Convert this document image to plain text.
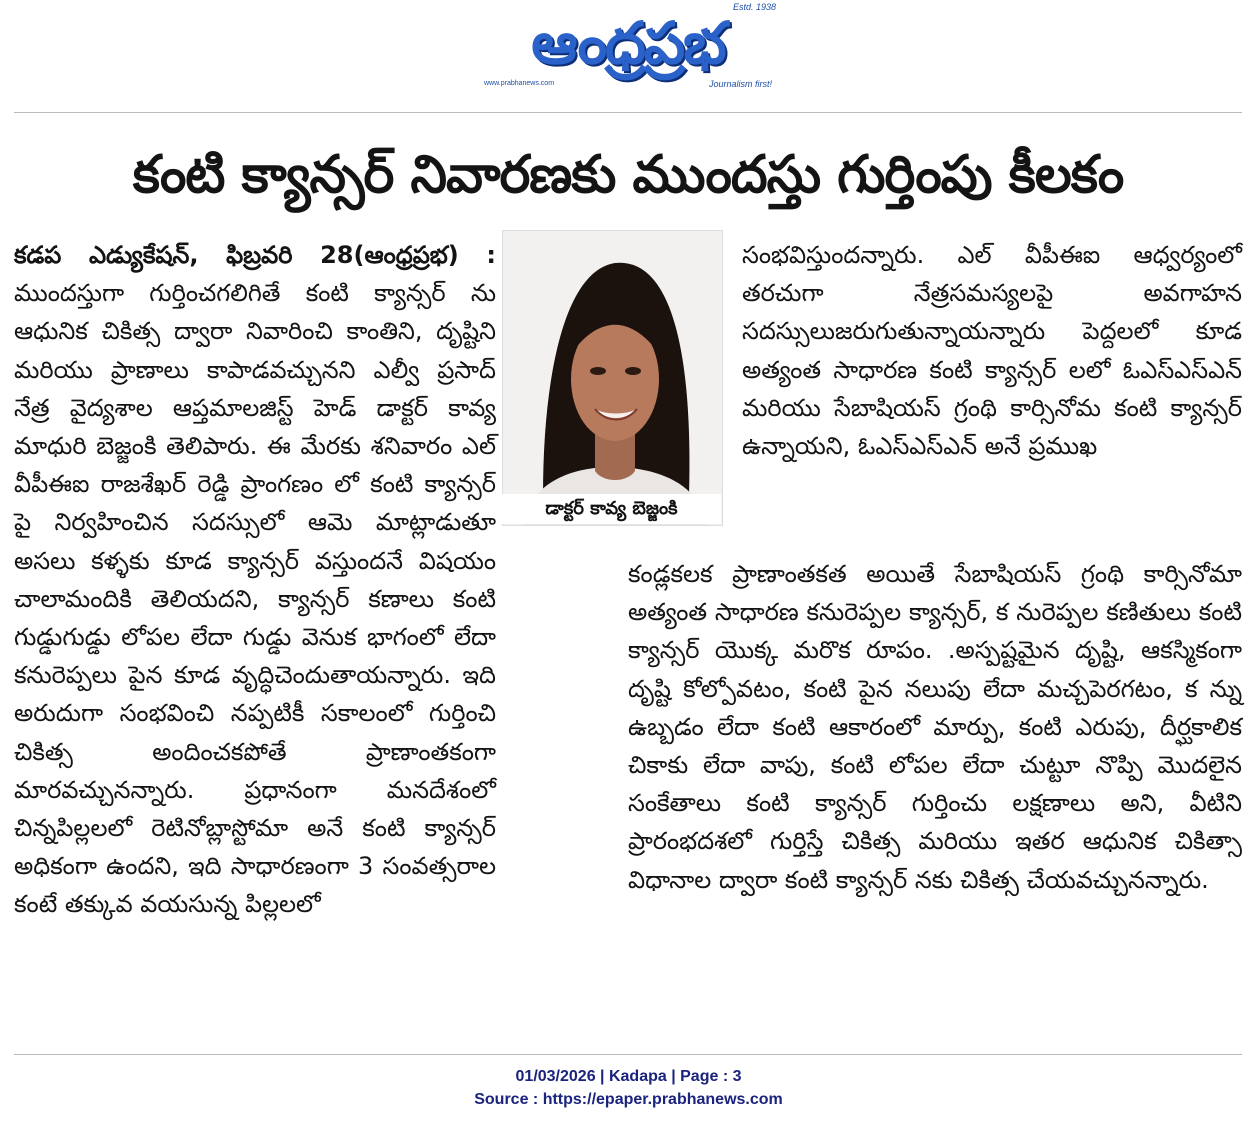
Estd. 1938
ఆంధ్రప్రభ
www.prabhanews.com	Journalism first!
కంటి క్యాన్సర్ నివారణకు ముందస్తు గుర్తింపు కీలకం
కడప ఎడ్యుకేషన్, ఫిబ్రవరి 28(ఆంధ్రప్రభ) : ముందస్తుగా గుర్తించగలిగితే కంటి క్యాన్సర్ ను ఆధునిక చికిత్స ద్వారా నివారించి కాంతిని, దృష్టిని మరియు ప్రాణాలు కాపాడవచ్చునని ఎల్వీ ప్రసాద్ నేత్ర వైద్యశాల ఆప్తమాలజిస్ట్ హెడ్ డాక్టర్ కావ్య మాధురి బెజ్జంకి తెలిపారు. ఈ మేరకు శనివారం ఎల్ వీపీఈఐ రాజశేఖర్ రెడ్డి ప్రాంగణం లో కంటి క్యాన్సర్ పై నిర్వహించిన సదస్సులో ఆమె మాట్లాడుతూ అసలు కళ్ళకు కూడ క్యాన్సర్ వస్తుందనే విషయం చాలామందికి తెలియదని, క్యాన్సర్ కణాలు కంటి గుడ్డుగుడ్డు లోపల లేదా గుడ్డు వెనుక భాగంలో లేదా కనురెప్పలు పైన కూడ వృద్ధిచెందుతాయన్నారు. ఇది అరుదుగా సంభవించి నప్పటికీ సకాలంలో గుర్తించి చికిత్స అందించకపోతే ప్రాణాంతకంగా మారవచ్చునన్నారు. ప్రధానంగా మనదేశంలో చిన్నపిల్లలలో రెటినోబ్లాస్టోమా అనే కంటి క్యాన్సర్ అధికంగా ఉందని, ఇది సాధారణంగా 3 సంవత్సరాల కంటే తక్కువ వయసున్న పిల్లలలో
డాక్టర్ కావ్య బెజ్జంకి
సంభవిస్తుందన్నారు. ఎల్ వీపీఈఐ ఆధ్వర్యంలో తరచుగా నేత్రసమస్యలపై అవగా‍హన సదస్సులుజరుగుతున్నాయన్నారు పెద్దలలో కూడ అత్యంత సాధారణ కంటి క్యాన్సర్ లలో ఓఎస్ఎస్ఎన్ మరియు సేబాషియస్ గ్రంథి కార్సినోమ కంటి క్యాన్సర్ ఉన్నాయని, ఓఎస్ఎస్ఎన్ అనే ప్రముఖ
కండ్లకలక ప్రాణాంతకత అయితే సేబాషియస్ గ్రంథి కార్సినోమా అత్యంత సాధారణ కనురెప్పల క్యాన్సర్, క నురెప్పల కణితులు కంటి క్యాన్సర్ యొక్క మరొక రూపం. .అస్పష్టమైన దృష్టి, ఆకస్మికంగా దృష్టి కోల్పోవటం, కంటి పైన నలుపు లేదా మచ్చపెరగటం, క న్ను ఉబ్బడం లేదా కంటి ఆకారంలో మార్పు, కంటి ఎరుపు, దీర్ఘకాలిక చికాకు లేదా వాపు, కంటి లోపల లేదా చుట్టూ నొప్పి మొదలైన సంకేతాలు కంటి క్యాన్సర్ గుర్తించు లక్షణాలు అని, వీటిని ప్రారంభదశలో గుర్తిస్తే చికిత్స మరియు ఇతర ఆధునిక చికిత్సా విధానాల ద్వారా కంటి క్యాన్సర్ నకు చికిత్స చేయవచ్చునన్నారు.
01/03/2026 | Kadapa | Page : 3
Source : https://epaper.prabhanews.com
